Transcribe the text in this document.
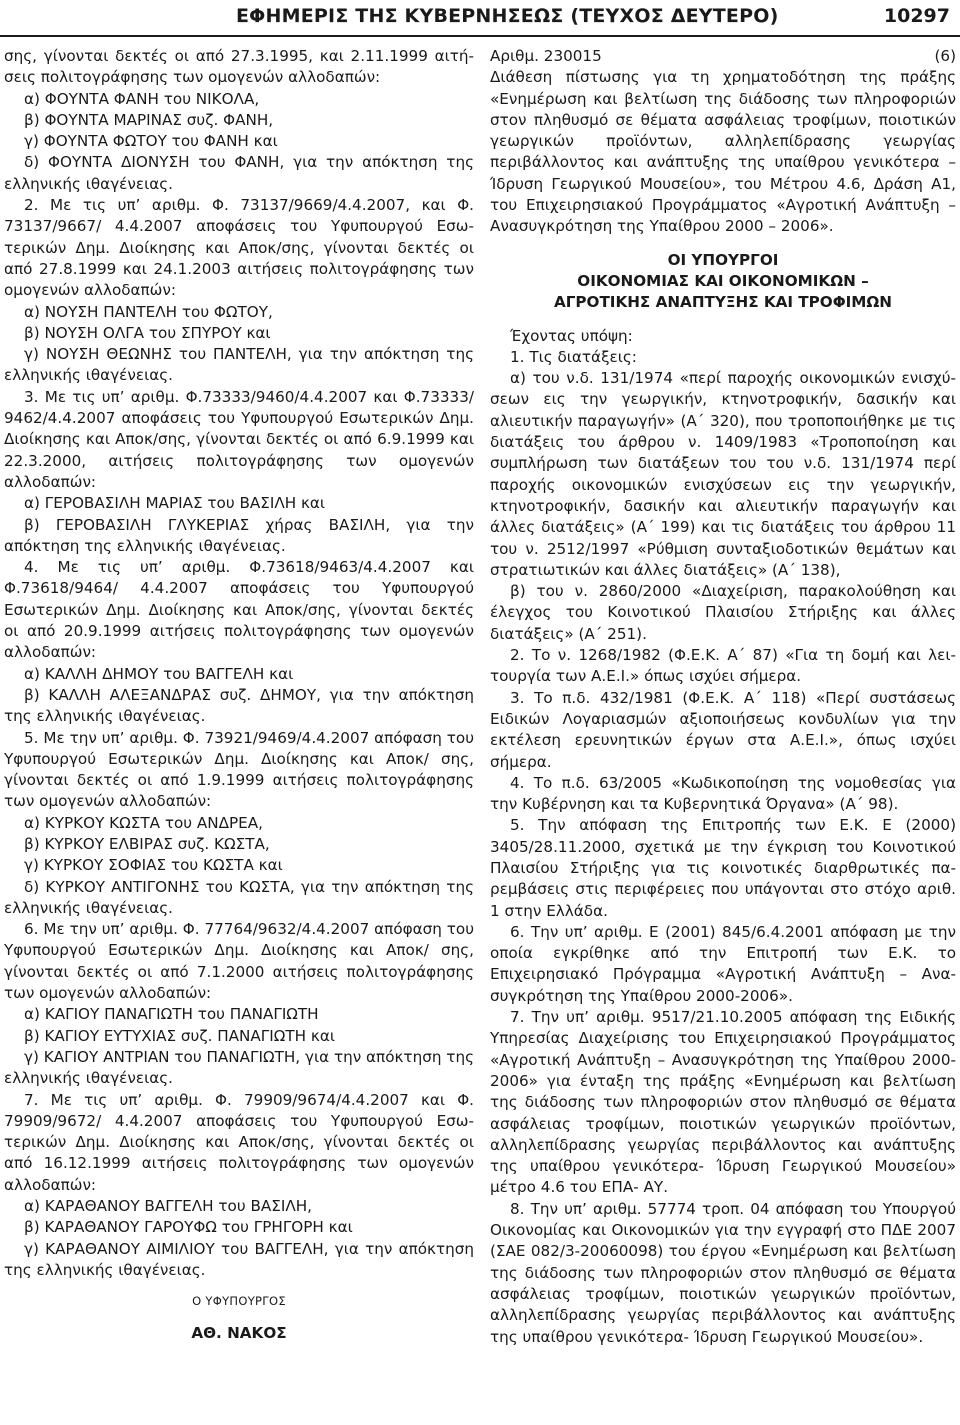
ΕΦΗΜΕΡΙΣ ΤΗΣ ΚΥΒΕΡΝΗΣΕΩΣ (ΤΕΥΧΟΣ ΔΕΥΤΕΡΟ)	10297

σης, γίνονται δεκτές οι από 27.3.1995, και 2.11.1999 αιτήσεις πολιτογράφησης των ομογενών αλλοδαπών:

α) ΦΟΥΝΤΑ ΦΑΝΗ του ΝΙΚΟΛΑ,

β) ΦΟΥΝΤΑ ΜΑΡΙΝΑΣ συζ. ΦΑΝΗ,

γ) ΦΟΥΝΤΑ ΦΩΤΟΥ του ΦΑΝΗ και

δ) ΦΟΥΝΤΑ ΔΙΟΝΥΣΗ του ΦΑΝΗ, για την απόκτηση της ελληνικής ιθαγένειας.

2. Με τις υπ’ αριθμ. Φ. 73137/9669/4.4.2007, και Φ. 73137/9667/ 4.4.2007 αποφάσεις του Υφυπουργού Εσωτερικών Δημ. Διοίκησης και Αποκ/σης, γίνονται δεκτές οι από 27.8.1999 και 24.1.2003 αιτήσεις πολιτογράφησης των ομογενών αλλοδαπών:

α) ΝΟΥΣΗ ΠΑΝΤΕΛΗ του ΦΩΤΟΥ,

β) ΝΟΥΣΗ ΟΛΓΑ του ΣΠΥΡΟΥ και

γ) ΝΟΥΣΗ ΘΕΩΝΗΣ του ΠΑΝΤΕΛΗ, για την απόκτηση της ελληνικής ιθαγένειας.

3. Με τις υπ’ αριθμ. Φ.73333/9460/4.4.2007 και Φ.73333/ 9462/4.4.2007 αποφάσεις του Υφυπουργού Εσωτερικών Δημ. Διοίκησης και Αποκ/σης, γίνονται δεκτές οι από 6.9.1999 και 22.3.2000, αιτήσεις πολιτογράφησης των ομογενών αλλοδαπών:

α) ΓΕΡΟΒΑΣΙΛΗ ΜΑΡΙΑΣ του ΒΑΣΙΛΗ και

β) ΓΕΡΟΒΑΣΙΛΗ ΓΛΥΚΕΡΙΑΣ χήρας ΒΑΣΙΛΗ, για την απόκτηση της ελληνικής ιθαγένειας.

4. Με τις υπ’ αριθμ. Φ.73618/9463/4.4.2007 και Φ.73618/9464/ 4.4.2007 αποφάσεις του Υφυπουργού Εσωτερικών Δημ. Διοίκησης και Αποκ/σης, γίνονται δεκτές οι από 20.9.1999 αιτήσεις πολιτογράφησης των ομογενών αλλοδαπών:

α) ΚΑΛΛΗ ΔΗΜΟΥ του ΒΑΓΓΕΛΗ και

β) ΚΑΛΛΗ ΑΛΕΞΑΝΔΡΑΣ συζ. ΔΗΜΟΥ, για την απόκτηση της ελληνικής ιθαγένειας.

5. Με την υπ’ αριθμ. Φ. 73921/9469/4.4.2007 απόφαση του Υφυπουργού Εσωτερικών Δημ. Διοίκησης και Αποκ/ σης, γίνονται δεκτές οι από 1.9.1999 αιτήσεις πολιτογράφησης των ομογενών αλλοδαπών:

α) ΚΥΡΚΟΥ ΚΩΣΤΑ του ΑΝΔΡΕΑ,

β) ΚΥΡΚΟΥ ΕΛΒΙΡΑΣ συζ. ΚΩΣΤΑ,

γ) ΚΥΡΚΟΥ ΣΟΦΙΑΣ του ΚΩΣΤΑ και

δ) ΚΥΡΚΟΥ ΑΝΤΙΓΟΝΗΣ του ΚΩΣΤΑ, για την απόκτηση της ελληνικής ιθαγένειας.

6. Με την υπ’ αριθμ. Φ. 77764/9632/4.4.2007 απόφαση του Υφυπουργού Εσωτερικών Δημ. Διοίκησης και Αποκ/ σης, γίνονται δεκτές οι από 7.1.2000 αιτήσεις πολιτογράφησης των ομογενών αλλοδαπών:

α) ΚΑΓΙΟΥ ΠΑΝΑΓΙΩΤΗ του ΠΑΝΑΓΙΩΤΗ

β) ΚΑΓΙΟΥ ΕΥΤΥΧΙΑΣ συζ. ΠΑΝΑΓΙΩΤΗ και

γ) ΚΑΓΙΟΥ ΑΝΤΡΙΑΝ του ΠΑΝΑΓΙΩΤΗ, για την απόκτηση της ελληνικής ιθαγένειας.

7. Με τις υπ’ αριθμ. Φ. 79909/9674/4.4.2007 και Φ. 79909/9672/ 4.4.2007 αποφάσεις του Υφυπουργού Εσωτερικών Δημ. Διοίκησης και Αποκ/σης, γίνονται δεκτές οι από 16.12.1999 αιτήσεις πολιτογράφησης των ομογενών αλλοδαπών:

α) ΚΑΡΑΘΑΝΟΥ ΒΑΓΓΕΛΗ του ΒΑΣΙΛΗ,

β) ΚΑΡΑΘΑΝΟΥ ΓΑΡΟΥΦΩ του ΓΡΗΓΟΡΗ και

γ) ΚΑΡΑΘΑΝΟΥ ΑΙΜΙΛΙΟΥ του ΒΑΓΓΕΛΗ, για την απόκτηση της ελληνικής ιθαγένειας.

Ο ΥΦΥΠΟΥΡΓΟΣ

ΑΘ. ΝΑΚΟΣ

Αριθμ. 230015	(6)

Διάθεση πίστωσης για τη χρηματοδότηση της πράξης «Ενημέρωση και βελτίωση της διάδοσης των πληροφοριών στον πληθυσμό σε θέματα ασφάλειας τροφίμων, ποιοτικών γεωργικών προϊόντων, αλληλεπίδρασης γεωργίας περιβάλλοντος και ανάπτυξης της υπαίθρου γενικότερα – Ίδρυση Γεωργικού Μουσείου», του Μέτρου 4.6, Δράση Α1, του Επιχειρησιακού Προγράμματος «Αγροτική Ανάπτυξη – Ανασυγκρότηση της Υπαίθρου 2000 – 2006».

ΟΙ ΥΠΟΥΡΓΟΙ

ΟΙΚΟΝΟΜΙΑΣ ΚΑΙ ΟΙΚΟΝΟΜΙΚΩΝ –

ΑΓΡΟΤΙΚΗΣ ΑΝΑΠΤΥΞΗΣ ΚΑΙ ΤΡΟΦΙΜΩΝ

Έχοντας υπόψη:

1. Τις διατάξεις:

α) του ν.δ. 131/1974 «περί παροχής οικονομικών ενισχύσεων εις την γεωργικήν, κτηνοτροφικήν, δασικήν και αλιευτικήν παραγωγήν» (Α΄ 320), που τροποποιήθηκε με τις διατάξεις του άρθρου ν. 1409/1983 «Τροποποίηση και συμπλήρωση των διατάξεων του του ν.δ. 131/1974 περί παροχής οικονομικών ενισχύσεων εις την γεωργικήν, κτηνοτροφικήν, δασικήν και αλιευτικήν παραγωγήν και άλλες διατάξεις» (Α΄ 199) και τις διατάξεις του άρθρου 11 του ν. 2512/1997 «Ρύθμιση συνταξιοδοτικών θεμάτων και στρατιωτικών και άλλες διατάξεις» (Α΄ 138),

β) του ν. 2860/2000 «Διαχείριση, παρακολούθηση και έλεγχος του Κοινοτικού Πλαισίου Στήριξης και άλλες διατάξεις» (Α΄ 251).

2. Το ν. 1268/1982 (Φ.Ε.Κ. Α΄ 87) «Για τη δομή και λειτουργία των Α.Ε.Ι.» όπως ισχύει σήμερα.

3. Το π.δ. 432/1981 (Φ.Ε.Κ. Α΄ 118) «Περί συστάσεως Ειδικών Λογαριασμών αξιοποιήσεως κονδυλίων για την εκτέλεση ερευνητικών έργων στα Α.Ε.Ι.», όπως ισχύει σήμερα.

4. Το π.δ. 63/2005 «Κωδικοποίηση της νομοθεσίας για την Κυβέρνηση και τα Κυβερνητικά Όργανα» (Α΄ 98).

5. Την απόφαση της Επιτροπής των Ε.Κ. Ε (2000) 3405/28.11.2000, σχετικά με την έγκριση του Κοινοτικού Πλαισίου Στήριξης για τις κοινοτικές διαρθρωτικές παρεμβάσεις στις περιφέρειες που υπάγονται στο στόχο αριθ. 1 στην Ελλάδα.

6. Την υπ’ αριθμ. Ε (2001) 845/6.4.2001 απόφαση με την οποία εγκρίθηκε από την Επιτροπή των Ε.Κ. το Επιχειρησιακό Πρόγραμμα «Αγροτική Ανάπτυξη – Ανασυγκρότηση της Υπαίθρου 2000-2006».

7. Την υπ’ αριθμ. 9517/21.10.2005 απόφαση της Ειδικής Υπηρεσίας Διαχείρισης του Επιχειρησιακού Προγράμματος «Αγροτική Ανάπτυξη – Ανασυγκρότηση της Υπαίθρου 2000-2006» για ένταξη της πράξης «Ενημέρωση και βελτίωση της διάδοσης των πληροφοριών στον πληθυσμό σε θέματα ασφάλειας τροφίμων, ποιοτικών γεωργικών προϊόντων, αλληλεπίδρασης γεωργίας περιβάλλοντος και ανάπτυξης της υπαίθρου γενικότερα- Ίδρυση Γεωργικού Μουσείου» μέτρο 4.6 του ΕΠΑ- ΑΥ.

8. Την υπ’ αριθμ. 57774 τροπ. 04 απόφαση του Υπουργού Οικονομίας και Οικονομικών για την εγγραφή στο ΠΔΕ 2007 (ΣΑΕ 082/3-20060098) του έργου «Ενημέρωση και βελτίωση της διάδοσης των πληροφοριών στον πληθυσμό σε θέματα ασφάλειας τροφίμων, ποιοτικών γεωργικών προϊόντων, αλληλεπίδρασης γεωργίας περιβάλλοντος και ανάπτυξης της υπαίθρου γενικότερα- Ίδρυση Γεωργικού Μουσείου».
